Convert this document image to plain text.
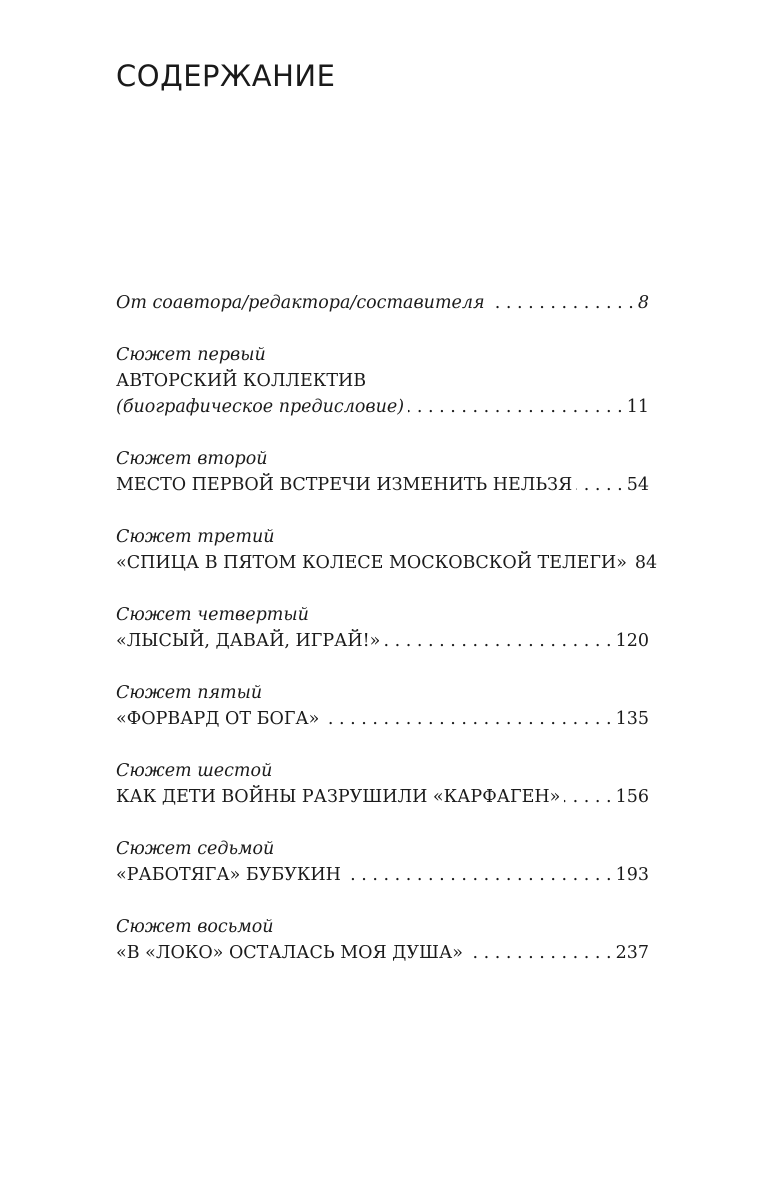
СОДЕРЖАНИЕ
От соавтора/редактора/составителя . . .	8
Сюжет первый
АВТОРСКИЙ КОЛЛЕКТИВ
(биографическое предисловие) . . .	11
Сюжет второй
МЕСТО ПЕРВОЙ ВСТРЕЧИ ИЗМЕНИТЬ НЕЛЬЗЯ . . .	54
Сюжет третий
«СПИЦА В ПЯТОМ КОЛЕСЕ МОСКОВСКОЙ ТЕЛЕГИ» 84
Сюжет четвертый
«ЛЫСЫЙ, ДАВАЙ, ИГРАЙ!» . . .	120
Сюжет пятый
«ФОРВАРД ОТ БОГА» . . .	135
Сюжет шестой
КАК ДЕТИ ВОЙНЫ РАЗРУШИЛИ «КАРФАГЕН» . . .	156
Сюжет седьмой
«РАБОТЯГА» БУБУКИН . . .	193
Сюжет восьмой
«В «ЛОКО» ОСТАЛАСЬ МОЯ ДУША» . . .	237
